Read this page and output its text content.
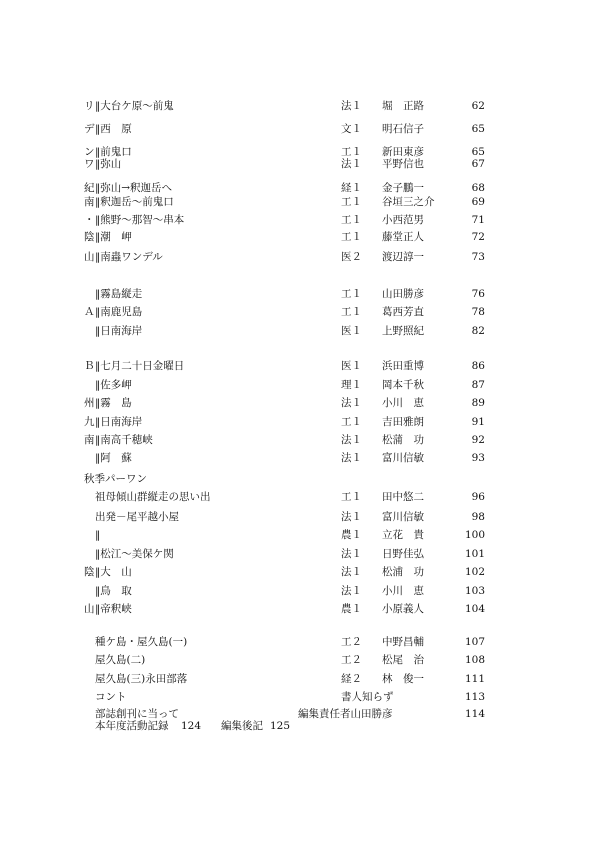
リ ‖大台ケ原～前鬼	法１ 堀　正路	62
デ ‖西　原	文１ 明石信子	65
ン ‖前鬼口	工１ 新田東彦	65
ワ ‖弥山	法１ 平野信也	67
紀 ‖弥山→釈迦岳へ	経１ 金子鵬一	68
南 ‖釈迦岳～前鬼口	工１ 谷垣三之介	69
・ ‖熊野～那智～串本	工１ 小西范男	71
陰 ‖潮　岬	工１ 藤堂正人	72
山 ‖南蟲ワンデル	医２ 渡辺諄一	73
‖霧島縦走	工１ 山田勝彦	76
Ａ ‖南鹿児島	工１ 葛西芳直	78
‖日南海岸	医１ 上野照紀	82
Ｂ ‖七月二十日金曜日	医１ 浜田重博	86
‖佐多岬	理１ 岡本千秋	87
州 ‖霧　島	法１ 小川　恵	89
九 ‖日南海岸	工１ 吉田雅朗	91
南 ‖南高千穂峡	法１ 松蒲　功	92
‖阿　蘇	法１ 富川信敏	93
秋季パーワン
祖母傾山群縦走の思い出	工１ 田中悠二	96
出発－尾平越小屋	法１ 富川信敏	98
‖	農１ 立花　貴	100
‖松江～美保ケ関	法１ 日野佳弘	101
陰 ‖大　山	法１ 松浦　功	102
‖鳥　取	法１ 小川　恵	103
山 ‖帝釈峡	農１ 小原義人	104
種ケ島・屋久島(一)	工２ 中野昌輔	107
屋久島(二)	工２ 松尾　治	108
屋久島(三)永田部落	経２ 林　俊一	111
コント	書人知らず	113
部誌創刊に当って	編集責任者山田勝彦	114
本年度活動記録 124 編集後記 125
